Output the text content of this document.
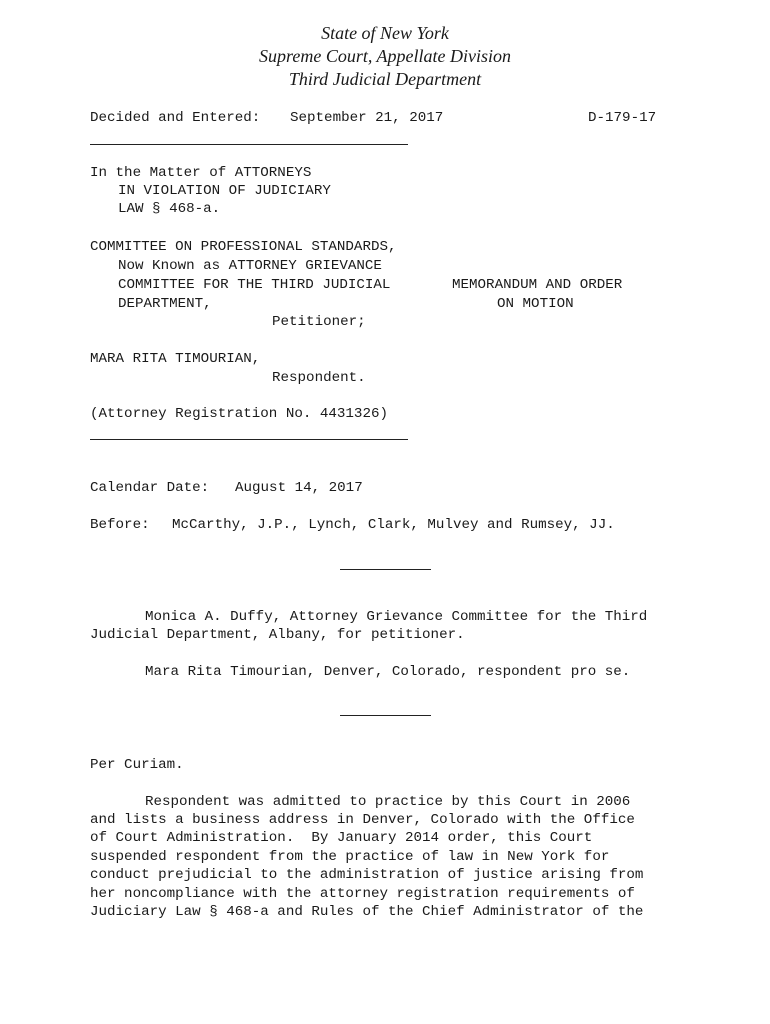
State of New York
Supreme Court, Appellate Division
Third Judicial Department
Decided and Entered: September 21, 2017	D-179-17
In the Matter of ATTORNEYS
IN VIOLATION OF JUDICIARY
LAW § 468-a.
COMMITTEE ON PROFESSIONAL STANDARDS,
Now Known as ATTORNEY GRIEVANCE
COMMITTEE FOR THE THIRD JUDICIAL
DEPARTMENT,
Petitioner;
MEMORANDUM AND ORDER
ON MOTION
MARA RITA TIMOURIAN,
Respondent.
(Attorney Registration No. 4431326)
Calendar Date: August 14, 2017
Before: McCarthy, J.P., Lynch, Clark, Mulvey and Rumsey, JJ.
Monica A. Duffy, Attorney Grievance Committee for the Third
Judicial Department, Albany, for petitioner.
Mara Rita Timourian, Denver, Colorado, respondent pro se.
Per Curiam.
Respondent was admitted to practice by this Court in 2006
and lists a business address in Denver, Colorado with the Office
of Court Administration.  By January 2014 order, this Court
suspended respondent from the practice of law in New York for
conduct prejudicial to the administration of justice arising from
her noncompliance with the attorney registration requirements of
Judiciary Law § 468-a and Rules of the Chief Administrator of the
